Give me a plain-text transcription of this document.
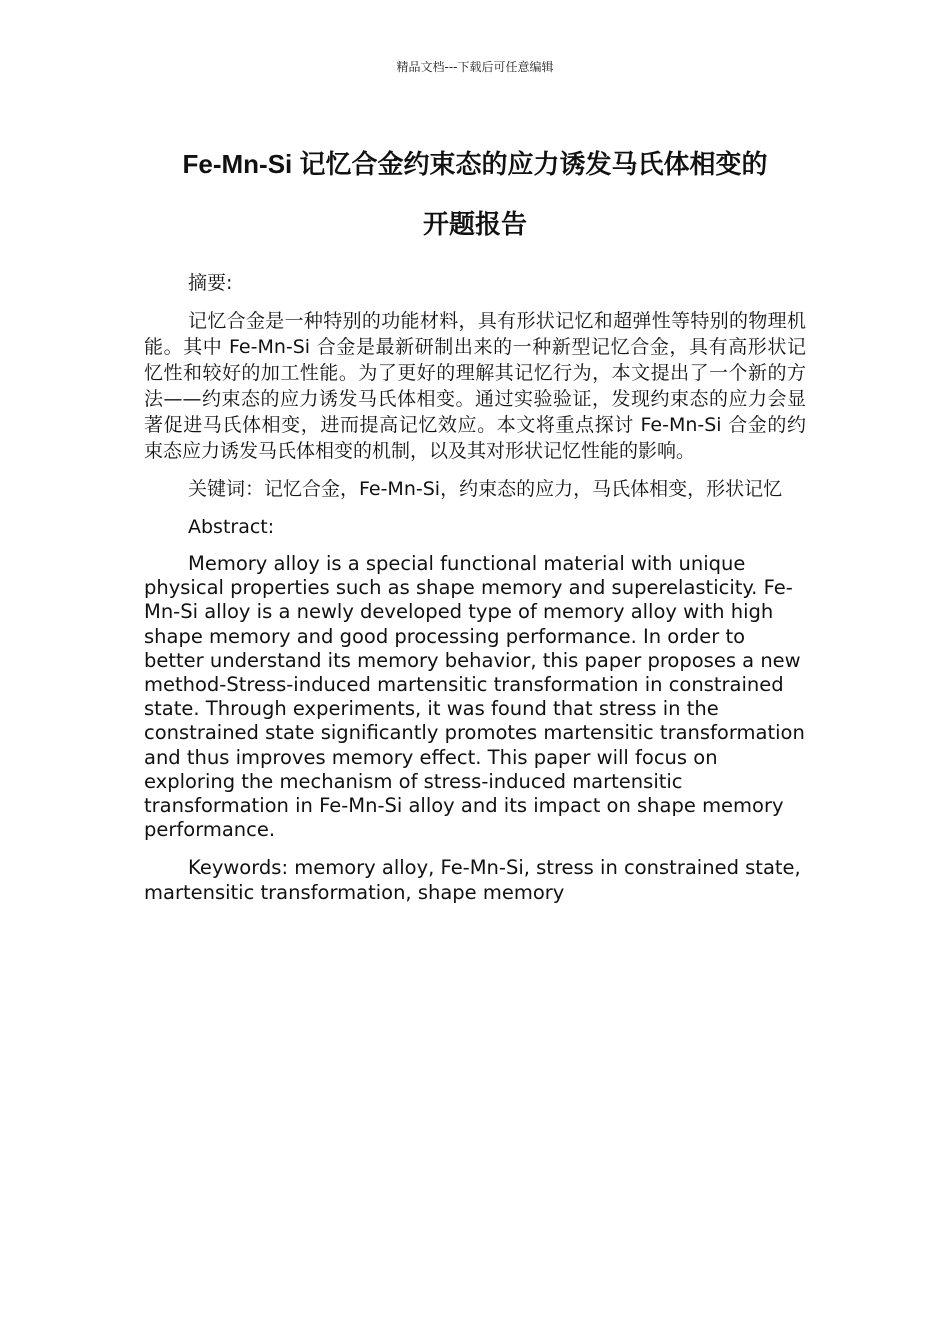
精品文档---下载后可任意编辑
Fe-Mn-Si 记忆合金约束态的应力诱发马氏体相变的
开题报告

摘要:

记忆合金是一种特别的功能材料，具有形状记忆和超弹性等特别的物理机能。其中 Fe-Mn-Si 合金是最新研制出来的一种新型记忆合金，具有高形状记忆性和较好的加工性能。为了更好的理解其记忆行为，本文提出了一个新的方法——约束态的应力诱发马氏体相变。通过实验验证，发现约束态的应力会显著促进马氏体相变，进而提高记忆效应。本文将重点探讨 Fe-Mn-Si 合金的约束态应力诱发马氏体相变的机制，以及其对形状记忆性能的影响。

关键词：记忆合金，Fe-Mn-Si，约束态的应力，马氏体相变，形状记忆

Abstract:

Memory alloy is a special functional material with unique physical properties such as shape memory and superelasticity. Fe-Mn-Si alloy is a newly developed type of memory alloy with high shape memory and good processing performance. In order to better understand its memory behavior, this paper proposes a new method-Stress-induced martensitic transformation in constrained state. Through experiments, it was found that stress in the constrained state significantly promotes martensitic transformation and thus improves memory effect. This paper will focus on exploring the mechanism of stress-induced martensitic transformation in Fe-Mn-Si alloy and its impact on shape memory performance.

Keywords: memory alloy, Fe-Mn-Si, stress in constrained state, martensitic transformation, shape memory
